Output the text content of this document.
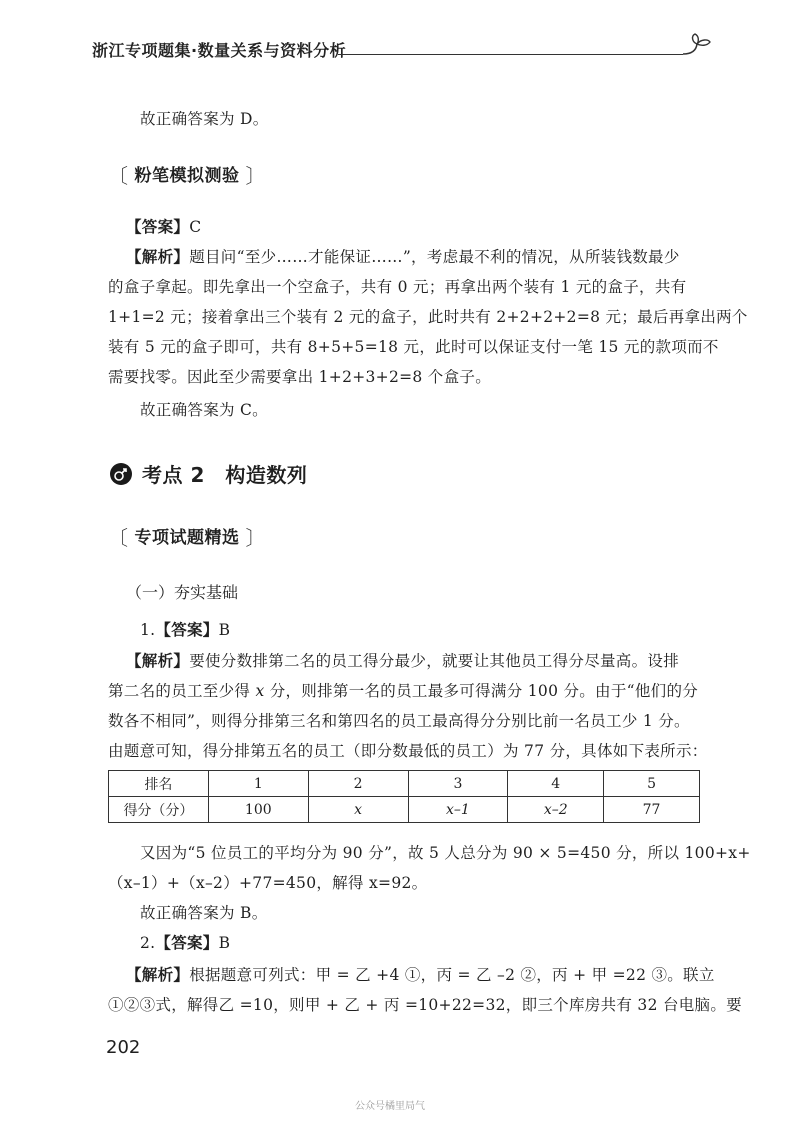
浙江专项题集·数量关系与资料分析
故正确答案为 D。
〔 粉笔模拟测验 〕
【答案】C
【解析】题目问“至少……才能保证……”，考虑最不利的情况，从所装钱数最少
的盒子拿起。即先拿出一个空盒子，共有 0 元；再拿出两个装有 1 元的盒子，共有
1+1=2 元；接着拿出三个装有 2 元的盒子，此时共有 2+2+2+2=8 元；最后再拿出两个
装有 5 元的盒子即可，共有 8+5+5=18 元，此时可以保证支付一笔 15 元的款项而不
需要找零。因此至少需要拿出 1+2+3+2=8 个盒子。
故正确答案为 C。
考点 2　构造数列
〔 专项试题精选 〕
（一）夯实基础
1.【答案】B
【解析】要使分数排第二名的员工得分最少，就要让其他员工得分尽量高。设排
第二名的员工至少得 x 分，则排第一名的员工最多可得满分 100 分。由于“他们的分
数各不相同”，则得分排第三名和第四名的员工最高得分分别比前一名员工少 1 分。
由题意可知，得分排第五名的员工（即分数最低的员工）为 77 分，具体如下表所示：
排名	1	2	3	4	5
得分（分）	100	x	x–1	x–2	77
又因为“5 位员工的平均分为 90 分”，故 5 人总分为 90 × 5=450 分，所以 100+x+
（x–1）+（x–2）+77=450，解得 x=92。
故正确答案为 B。
2.【答案】B
【解析】根据题意可列式：甲 = 乙 +4 ①，丙 = 乙 –2 ②，丙 + 甲 =22 ③。联立
①②③式，解得乙 =10，则甲 + 乙 + 丙 =10+22=32，即三个库房共有 32 台电脑。要
202
公众号橘里局气
